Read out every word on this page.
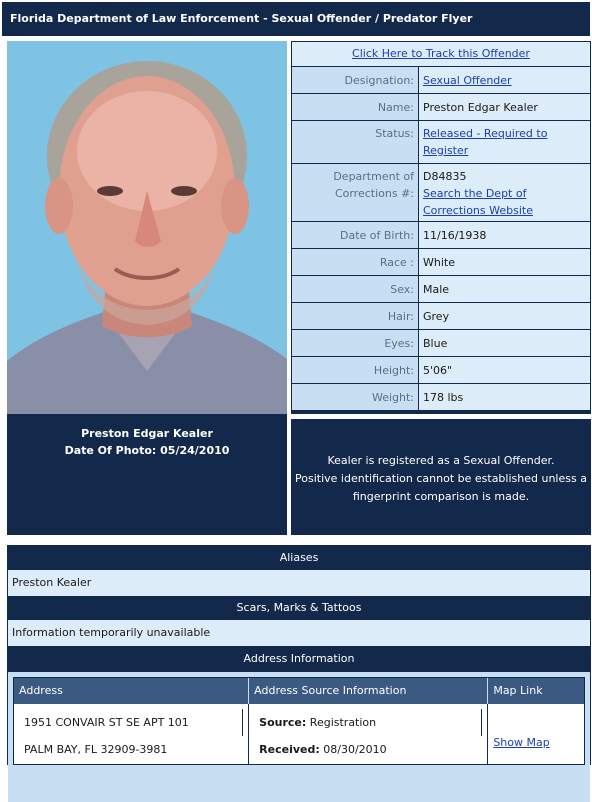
Florida Department of Law Enforcement - Sexual Offender / Predator Flyer
Preston Edgar Kealer
Date Of Photo: 05/24/2010
Click Here to Track this Offender
Designation: Sexual Offender
Name: Preston Edgar Kealer
Status: Released - Required to
Register
Department of
Corrections #:
D84835
Search the Dept of
Corrections Website
Date of Birth: 11/16/1938
Race : White
Sex: Male
Hair: Grey
Eyes: Blue
Height: 5'06"
Weight: 178 lbs
Kealer is registered as a Sexual Offender.
Positive identification cannot be established unless a
fingerprint comparison is made.
Aliases
Preston Kealer
Scars, Marks & Tattoos
Information temporarily unavailable
Address Information
Address	Address Source Information	Map Link
1951 CONVAIR ST SE APT 101
PALM BAY, FL 32909-3981
Source: Registration
Received: 08/30/2010
Show Map
